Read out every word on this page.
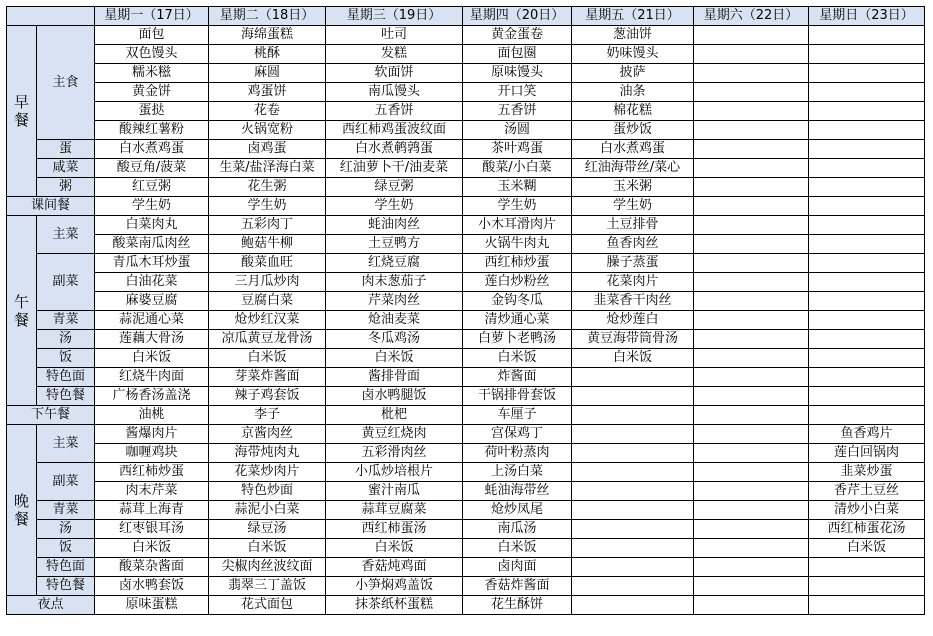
		星期一（17日）	星期二（18日）	星期三（19日）	星期四（20日）	星期五（21日）	星期六（22日）	星期日（23日）

早
餐	主食	面包	海绵蛋糕	吐司	黄金蛋卷	葱油饼		
		双色馒头	桃酥	发糕	面包圈	奶味馒头		
		糯米糍	麻圆	软面饼	原味馒头	披萨		
		黄金饼	鸡蛋饼	南瓜馒头	开口笑	油条		
		蛋挞	花卷	五香饼	五香饼	棉花糕		
		酸辣红薯粉	火锅宽粉	西红柿鸡蛋波纹面	汤圆	蛋炒饭		
	蛋	白水煮鸡蛋	卤鸡蛋	白水煮鹌鹑蛋	茶叶鸡蛋	白水煮鸡蛋		
	咸菜	酸豆角/菠菜	生菜/盐泽海白菜	红油萝卜干/油麦菜	酸菜/小白菜	红油海带丝/菜心		
	粥	红豆粥	花生粥	绿豆粥	玉米糊	玉米粥		
课间餐		学生奶	学生奶	学生奶	学生奶	学生奶		

午
餐	主菜	白菜肉丸	五彩肉丁	蚝油肉丝	小木耳滑肉片	土豆排骨		
		酸菜南瓜肉丝	鲍菇牛柳	土豆鸭方	火锅牛肉丸	鱼香肉丝		
	副菜	青瓜木耳炒蛋	酸菜血旺	红烧豆腐	西红柿炒蛋	臊子蒸蛋		
		白油花菜	三月瓜炒肉	肉末葱茄子	莲白炒粉丝	花菜肉片		
		麻婆豆腐	豆腐白菜	芹菜肉丝	金钩冬瓜	韭菜香干肉丝		
	青菜	蒜泥通心菜	炝炒红汉菜	炝油麦菜	清炒通心菜	炝炒莲白		
	汤	莲藕大骨汤	凉瓜黄豆龙骨汤	冬瓜鸡汤	白萝卜老鸭汤	黄豆海带筒骨汤		
	饭	白米饭	白米饭	白米饭	白米饭	白米饭		
	特色面	红烧牛肉面	芽菜炸酱面	酱排骨面	炸酱面			
	特色餐	广杨香汤盖浇	辣子鸡套饭	卤水鸭腿饭	干锅排骨套饭			
下午餐		油桃	李子	枇杷	车厘子			

晚
餐	主菜	酱爆肉片	京酱肉丝	黄豆红烧肉	宫保鸡丁			鱼香鸡片
		咖喱鸡块	海带炖肉丸	五彩滑肉丝	荷叶粉蒸肉			莲白回锅肉
	副菜	西红柿炒蛋	花菜炒肉片	小瓜炒培根片	上汤白菜			韭菜炒蛋
		肉末芹菜	特色炒面	蜜汁南瓜	蚝油海带丝			香芹土豆丝
	青菜	蒜茸上海青	蒜泥小白菜	蒜茸豆腐菜	炝炒凤尾			清炒小白菜
	汤	红枣银耳汤	绿豆汤	西红柿蛋汤	南瓜汤			西红柿蛋花汤
	饭	白米饭	白米饭	白米饭	白米饭			白米饭
	特色面	酸菜杂酱面	尖椒肉丝波纹面	香菇炖鸡面	卤肉面			
	特色餐	卤水鸭套饭	翡翠三丁盖饭	小笋焖鸡盖饭	香菇炸酱面			
夜点		原味蛋糕	花式面包	抹茶纸杯蛋糕	花生酥饼			
